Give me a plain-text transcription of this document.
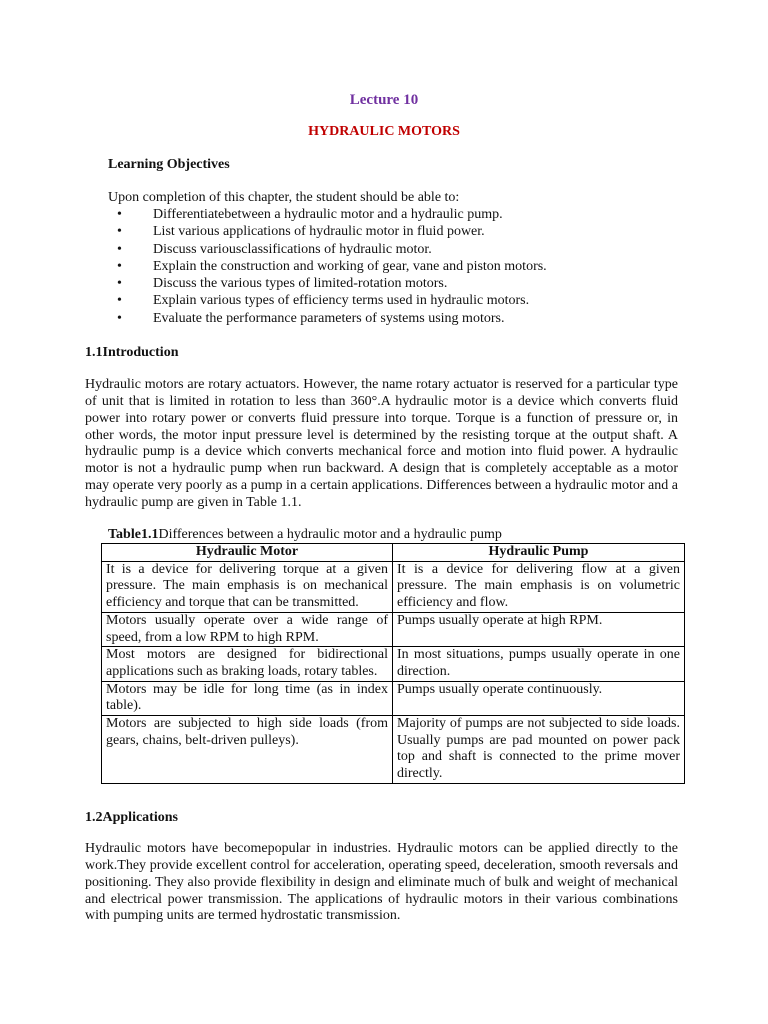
Lecture 10
HYDRAULIC MOTORS
Learning Objectives
Upon completion of this chapter, the student should be able to:
• Differentiatebetween a hydraulic motor and a hydraulic pump.
• List various applications of hydraulic motor in fluid power.
• Discuss variousclassifications of hydraulic motor.
• Explain the construction and working of gear, vane and piston motors.
• Discuss the various types of limited-rotation motors.
• Explain various types of efficiency terms used in hydraulic motors.
• Evaluate the performance parameters of systems using motors.
1.1Introduction

Hydraulic motors are rotary actuators. However, the name rotary actuator is reserved for a particular type of unit that is limited in rotation to less than 360°.A hydraulic motor is a device which converts fluid power into rotary power or converts fluid pressure into torque. Torque is a function of pressure or, in other words, the motor input pressure level is determined by the resisting torque at the output shaft. A hydraulic pump is a device which converts mechanical force and motion into fluid power. A hydraulic motor is not a hydraulic pump when run backward. A design that is completely acceptable as a motor may operate very poorly as a pump in a certain applications. Differences between a hydraulic motor and a hydraulic pump are given in Table 1.1.

Table1.1Differences between a hydraulic motor and a hydraulic pump
Hydraulic Motor	Hydraulic Pump
It is a device for delivering torque at a given pressure. The main emphasis is on mechanical efficiency and torque that can be transmitted.	It is a device for delivering flow at a given pressure. The main emphasis is on volumetric efficiency and flow.
Motors usually operate over a wide range of speed, from a low RPM to high RPM.	Pumps usually operate at high RPM.
Most motors are designed for bidirectional applications such as braking loads, rotary tables.	In most situations, pumps usually operate in one direction.
Motors may be idle for long time (as in index table).	Pumps usually operate continuously.
Motors are subjected to high side loads (from gears, chains, belt-driven pulleys).	Majority of pumps are not subjected to side loads. Usually pumps are pad mounted on power pack top and shaft is connected to the prime mover directly.
1.2Applications

Hydraulic motors have becomepopular in industries. Hydraulic motors can be applied directly to the work.They provide excellent control for acceleration, operating speed, deceleration, smooth reversals and positioning. They also provide flexibility in design and eliminate much of bulk and weight of mechanical and electrical power transmission. The applications of hydraulic motors in their various combinations with pumping units are termed hydrostatic transmission.
